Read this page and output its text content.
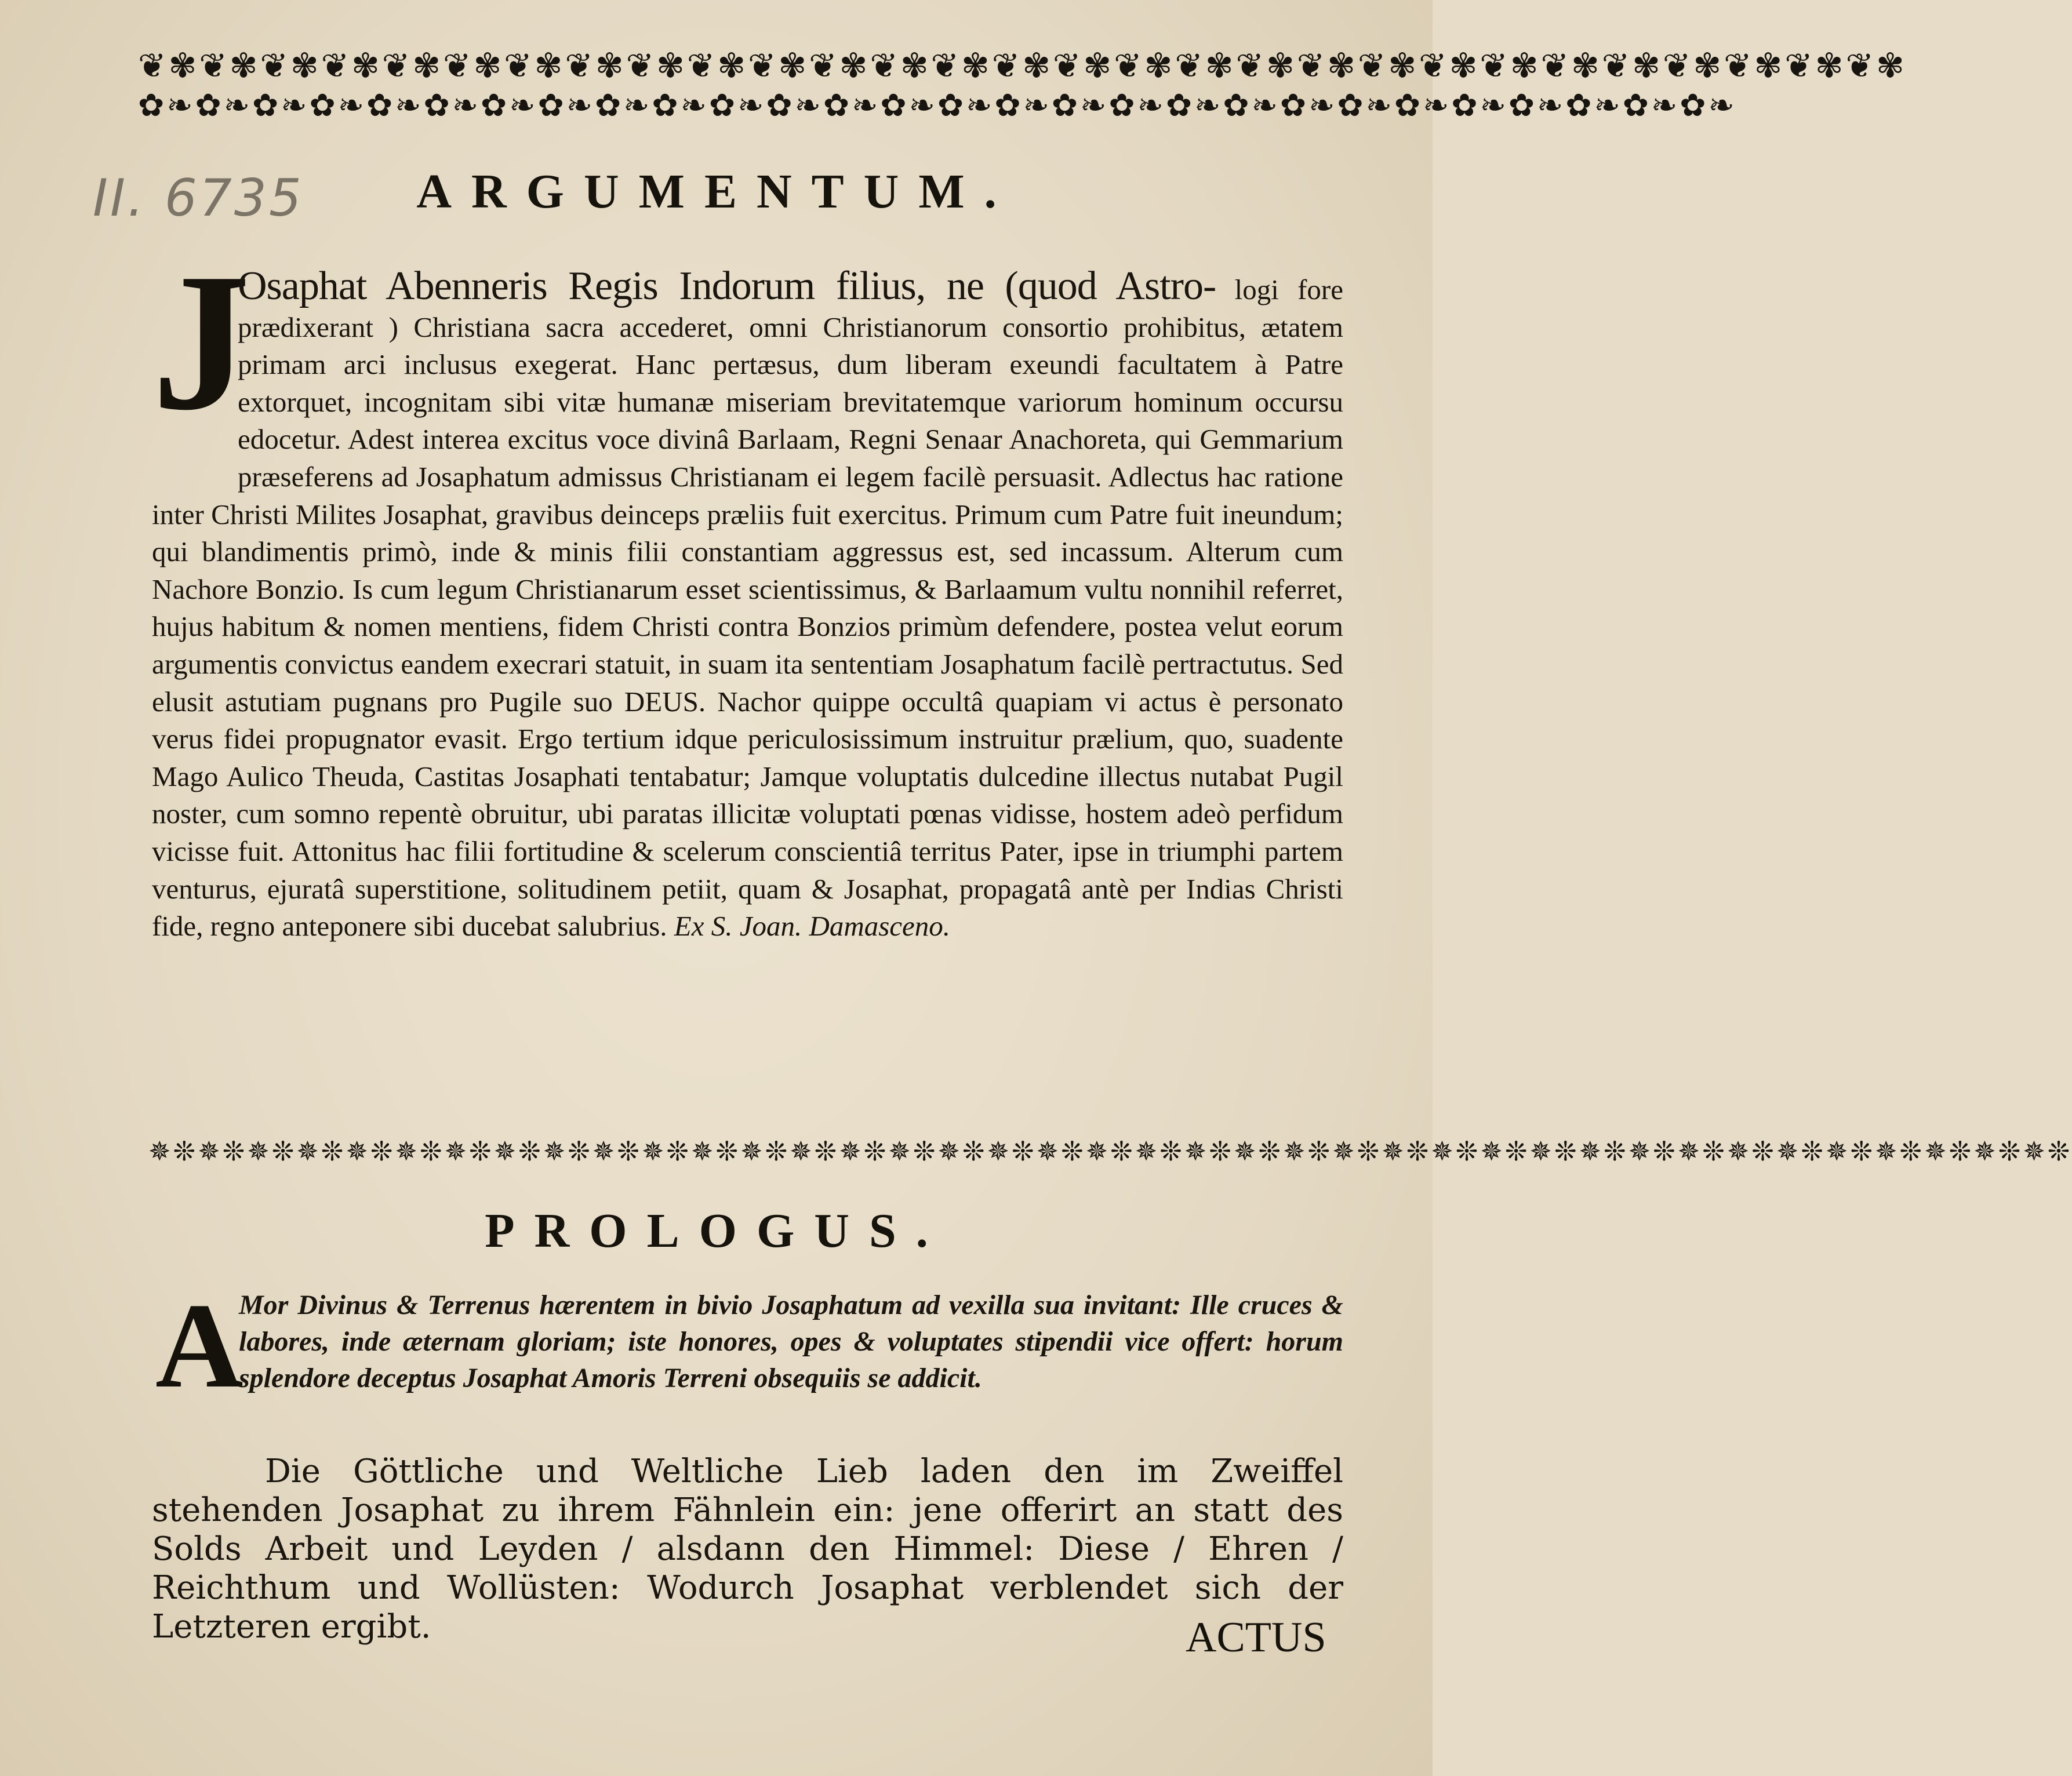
❦✾❦✾❦✾❦✾❦✾❦✾❦✾❦✾❦✾❦✾❦✾❦✾❦✾❦✾❦✾❦✾❦✾❦✾❦✾❦✾❦✾❦✾❦✾❦✾❦✾❦✾❦✾❦✾❦✾
✿❧✿❧✿❧✿❧✿❧✿❧✿❧✿❧✿❧✿❧✿❧✿❧✿❧✿❧✿❧✿❧✿❧✿❧✿❧✿❧✿❧✿❧✿❧✿❧✿❧✿❧✿❧✿❧
II. 6735	ARGUMENTUM.
J
Osaphat Abenneris Regis Indorum filius, ne (quod Astro- logi fore prædixerant ) Christiana sacra accederet, omni Christianorum consortio prohibitus, ætatem primam arci inclusus exegerat. Hanc pertæsus, dum liberam exeundi facultatem à Patre extorquet, incognitam sibi vitæ humanæ miseriam brevitatemque variorum hominum occursu edocetur. Adest interea excitus voce divinâ Barlaam, Regni Senaar Anachoreta, qui Gemmarium præseferens ad Josaphatum admissus Christianam ei legem facilè persuasit. Adlectus hac ratione inter Christi Milites Josaphat, gravibus deinceps præliis fuit exercitus. Primum cum Patre fuit ineundum; qui blandimentis primò, inde & minis filii constantiam aggressus est, sed incassum. Alterum cum Nachore Bonzio. Is cum legum Christianarum esset scientissimus, & Barlaamum vultu nonnihil referret, hujus habitum & nomen mentiens, fidem Christi contra Bonzios primùm defendere, postea velut eorum argumentis convictus eandem execrari statuit, in suam ita sententiam Josaphatum facilè pertractutus. Sed elusit astutiam pugnans pro Pugile suo DEUS. Nachor quippe occultâ quapiam vi actus è personato verus fidei propugnator evasit. Ergo tertium idque periculosissimum instruitur prælium, quo, suadente Mago Aulico Theuda, Castitas Josaphati tentabatur; Jamque voluptatis dulcedine illectus nutabat Pugil noster, cum somno repentè obruitur, ubi paratas illicitæ voluptati pœnas vidisse, hostem adeò perfidum vicisse fuit. Attonitus hac filii fortitudine & scelerum conscientiâ territus Pater, ipse in triumphi partem venturus, ejuratâ superstitione, solitudinem petiit, quam & Josaphat, propagatâ antè per Indias Christi fide, regno anteponere sibi ducebat salubrius. Ex S. Joan. Damasceno.
✵❊✵❊✵❊✵❊✵❊✵❊✵❊✵❊✵❊✵❊✵❊✵❊✵❊✵❊✵❊✵❊✵❊✵❊✵❊✵❊✵❊✵❊✵❊✵❊✵❊✵❊✵❊✵❊✵❊✵❊✵❊✵❊✵❊✵❊✵❊✵❊✵❊✵❊✵❊
PROLOGUS.
A
Mor Divinus & Terrenus hærentem in bivio Josaphatum ad vexilla sua invitant: Ille cruces & labores, inde æternam gloriam; iste honores, opes & voluptates stipendii vice offert: horum splendore deceptus Josaphat Amoris Terreni obsequiis se addicit.
Die Göttliche und Weltliche Lieb laden den im Zweiffel stehenden Josaphat zu ihrem Fähnlein ein: jene offerirt an statt des Solds Arbeit und Leyden / alsdann den Himmel: Diese / Ehren / Reichthum und Wollüsten: Wodurch Josaphat verblendet sich der Letzteren ergibt.	ACTUS
